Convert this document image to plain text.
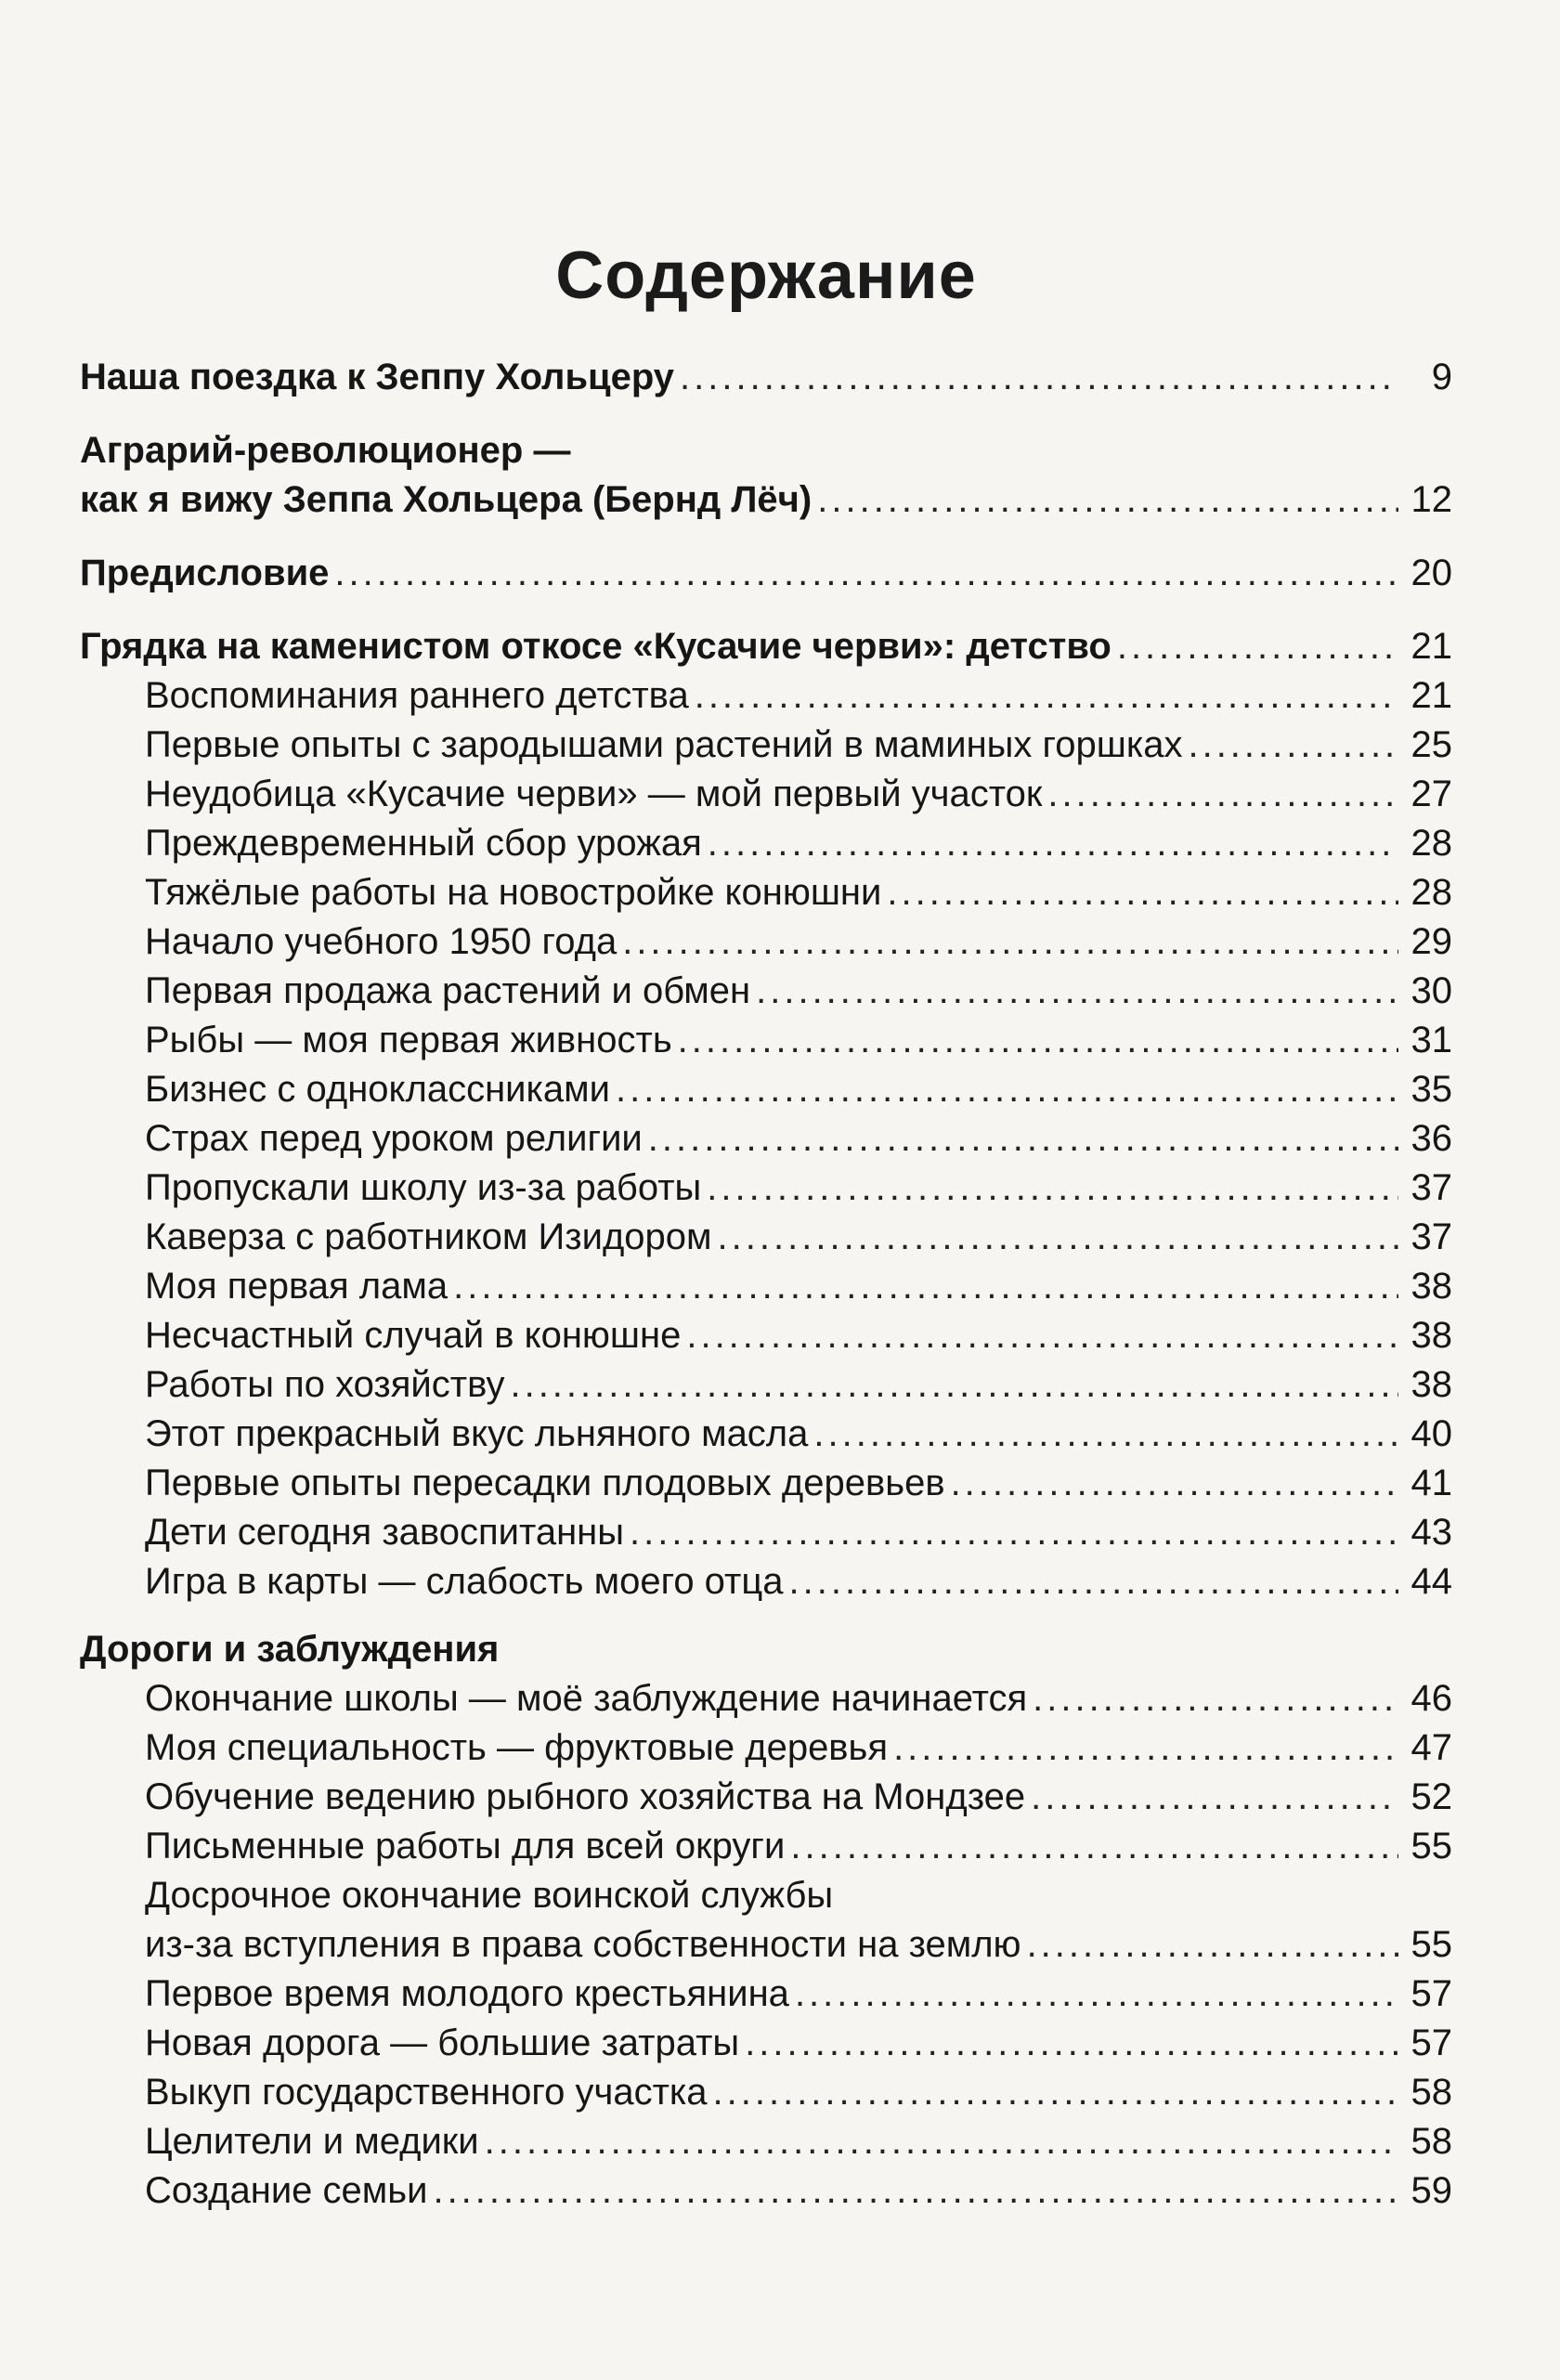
Содержание
Наша поездка к Зеппу Хольцеру .....	9
Аграрий-революционер —
как я вижу Зеппа Хольцера (Бернд Лёч) .....	12
Предисловие .....	20
Грядка на каменистом откосе «Кусачие черви»: детство .....	21
Воспоминания раннего детства .....	21
Первые опыты с зародышами растений в маминых горшках .....	25
Неудобица «Кусачие черви» — мой первый участок .....	27
Преждевременный сбор урожая .....	28
Тяжёлые работы на новостройке конюшни .....	28
Начало учебного 1950 года .....	29
Первая продажа растений и обмен .....	30
Рыбы — моя первая живность .....	31
Бизнес с одноклассниками .....	35
Страх перед уроком религии .....	36
Пропускали школу из-за работы .....	37
Каверза с работником Изидором .....	37
Моя первая лама .....	38
Несчастный случай в конюшне .....	38
Работы по хозяйству .....	38
Этот прекрасный вкус льняного масла .....	40
Первые опыты пересадки плодовых деревьев .....	41
Дети сегодня завоспитанны .....	43
Игра в карты — слабость моего отца .....	44
Дороги и заблуждения
Окончание школы — моё заблуждение начинается .....	46
Моя специальность — фруктовые деревья .....	47
Обучение ведению рыбного хозяйства на Мондзее .....	52
Письменные работы для всей округи .....	55
Досрочное окончание воинской службы
из-за вступления в права собственности на землю .....	55
Первое время молодого крестьянина .....	57
Новая дорога — большие затраты .....	57
Выкуп государственного участка .....	58
Целители и медики .....	58
Создание семьи .....	59
